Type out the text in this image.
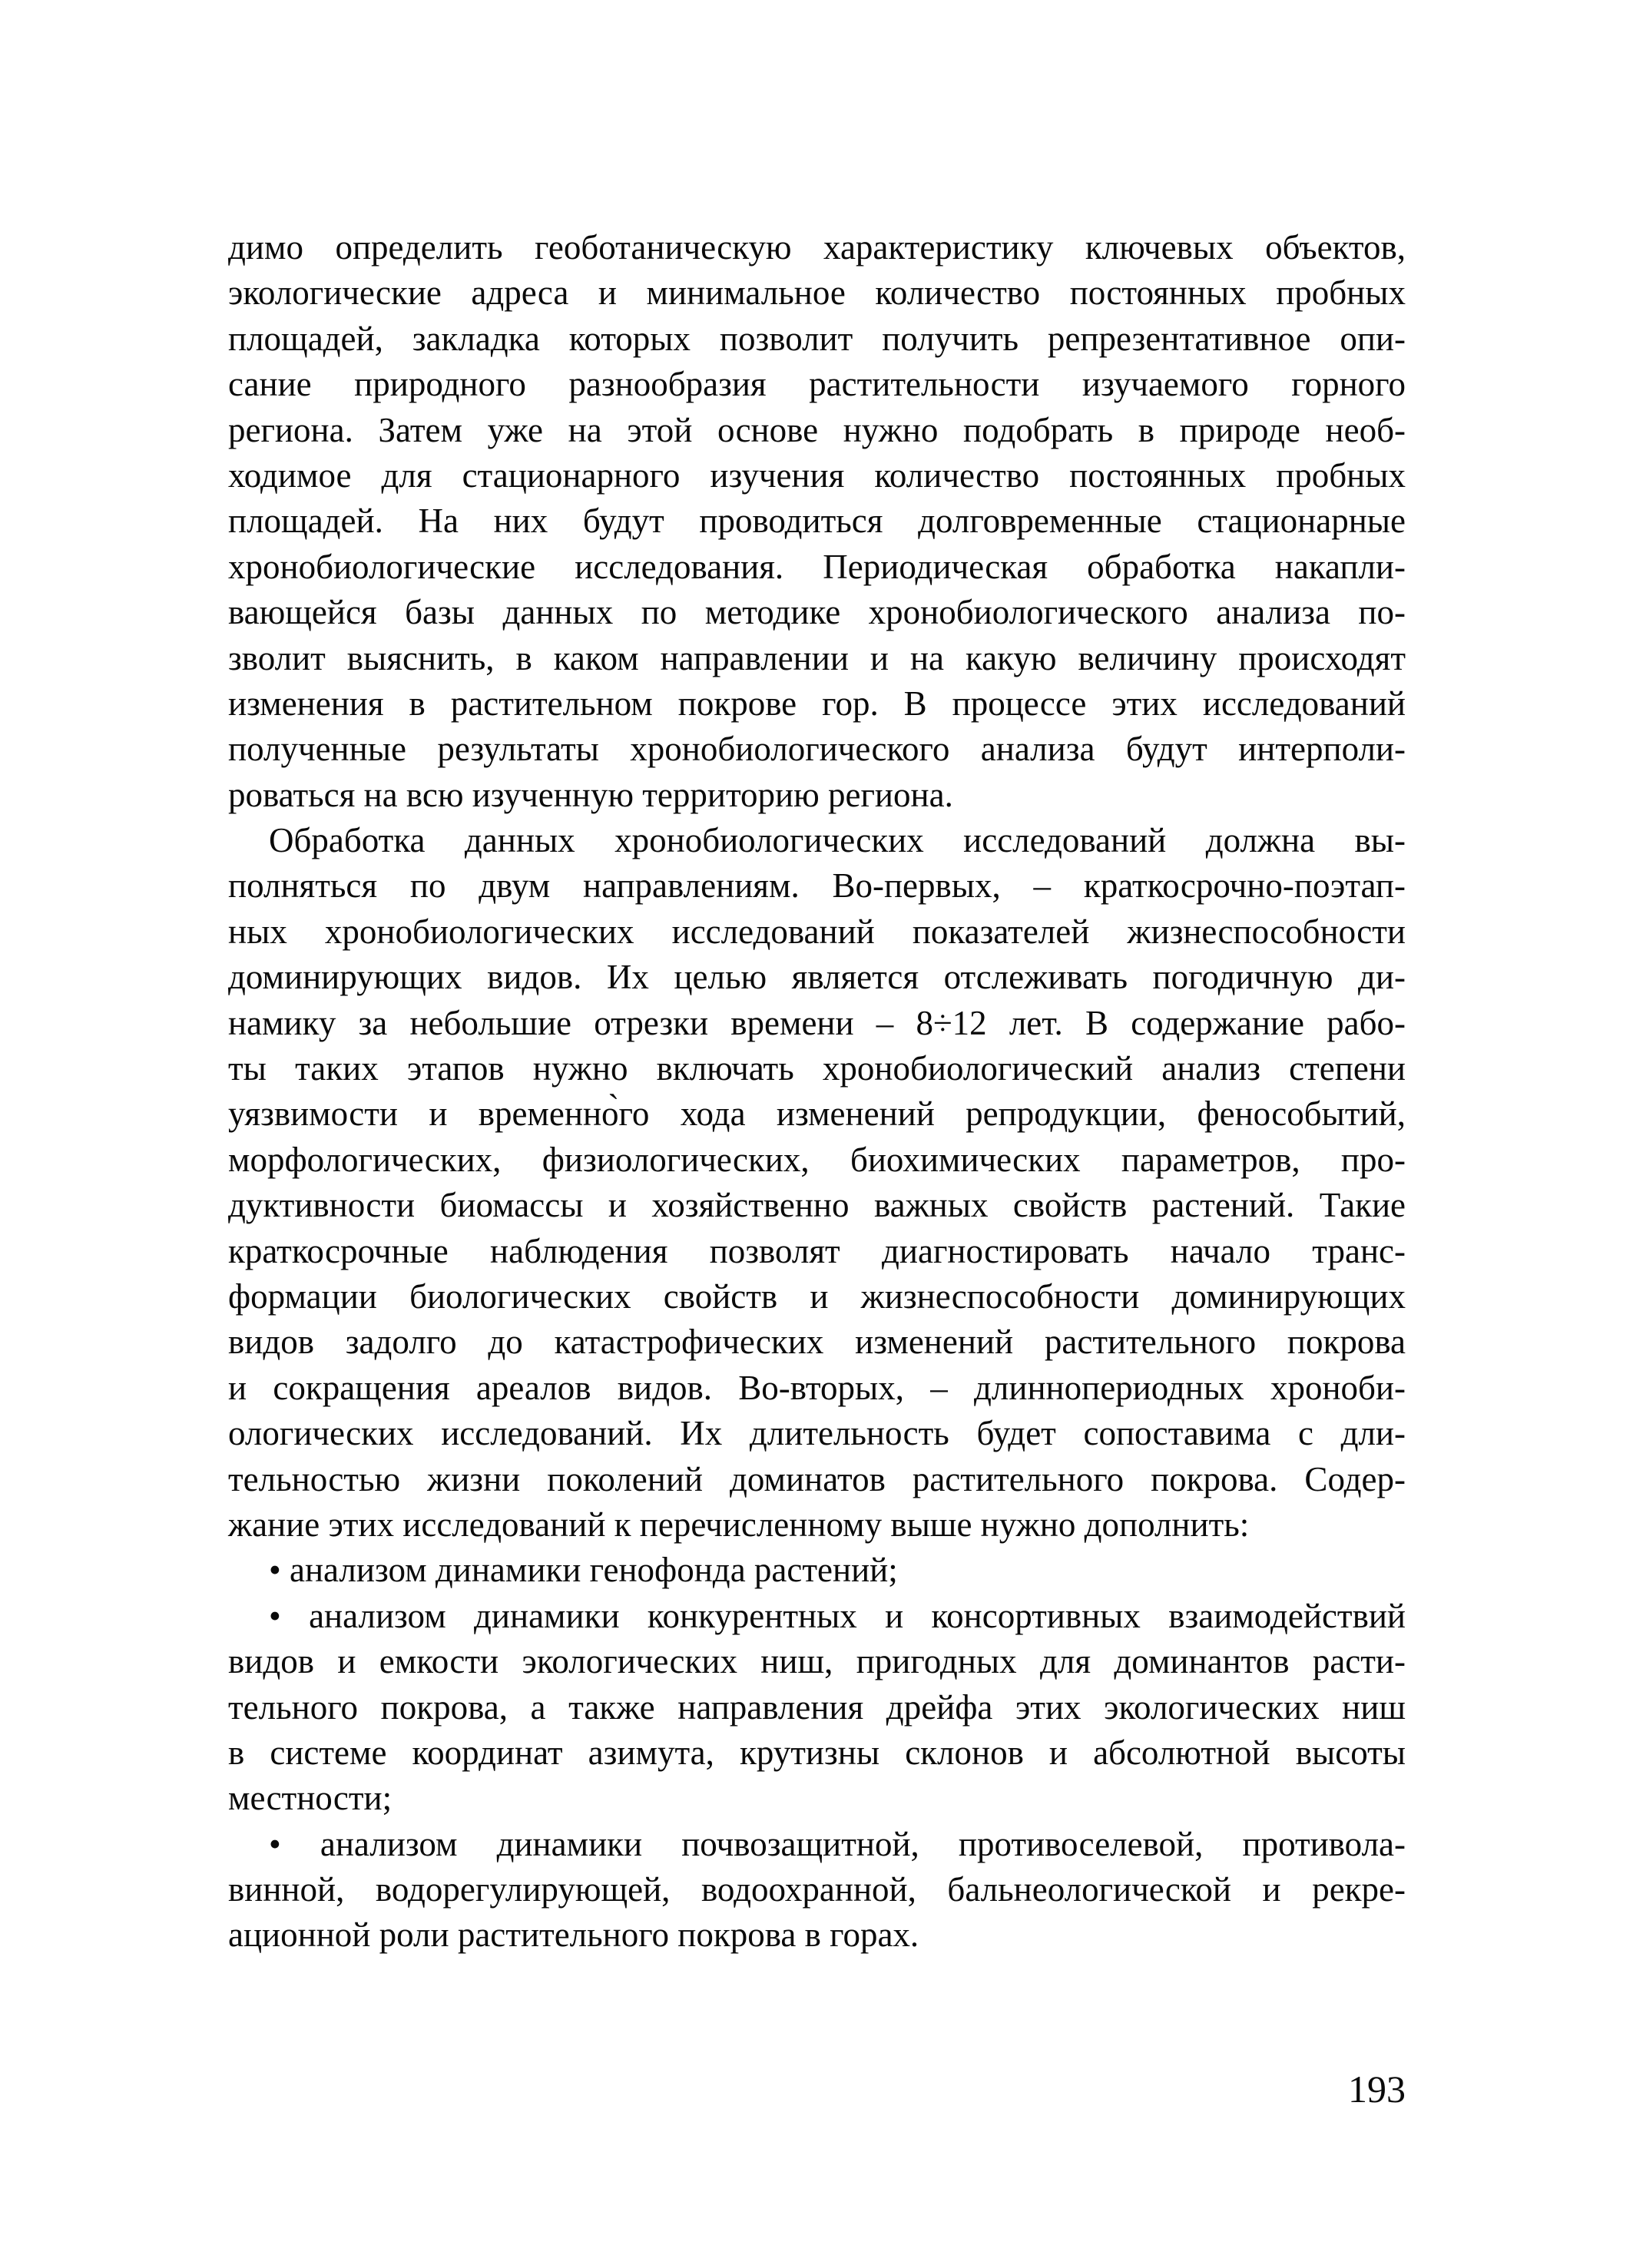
димо определить геоботаническую характеристику ключевых объектов,
экологические адреса и минимальное количество постоянных пробных
площадей, закладка которых позволит получить репрезентативное опи-
сание природного разнообразия растительности изучаемого горного
региона. Затем уже на этой основе нужно подобрать в природе необ-
ходимое для стационарного изучения количество постоянных пробных
площадей. На них будут проводиться долговременные стационарные
хронобиологические исследования. Периодическая обработка накапли-
вающейся базы данных по методике хронобиологического анализа по-
зволит выяснить, в каком направлении и на какую величину происходят
изменения в растительном покрове гор. В процессе этих исследований
полученные результаты хронобиологического анализа будут интерполи-
роваться на всю изученную территорию региона.
Обработка данных хронобиологических исследований должна вы-
полняться по двум направлениям. Во-первых, – краткосрочно-поэтап-
ных хронобиологических исследований показателей жизнеспособности
доминирующих видов. Их целью является отслеживать погодичную ди-
намику за небольшие отрезки времени – 8÷12 лет. В содержание рабо-
ты таких этапов нужно включать хронобиологический анализ степени
уязвимости и временно̀го хода изменений репродукции, фенособытий,
морфологических, физиологических, биохимических параметров, про-
дуктивности биомассы и хозяйственно важных свойств растений. Такие
краткосрочные наблюдения позволят диагностировать начало транс-
формации биологических свойств и жизнеспособности доминирующих
видов задолго до катастрофических изменений растительного покрова
и сокращения ареалов видов. Во-вторых, – длиннопериодных хроноби-
ологических исследований. Их длительность будет сопоставима с дли-
тельностью жизни поколений доминатов растительного покрова. Содер-
жание этих исследований к перечисленному выше нужно дополнить:
• анализом динамики генофонда растений;
• анализом динамики конкурентных и консортивных взаимодействий
видов и емкости экологических ниш, пригодных для доминантов расти-
тельного покрова, а также направления дрейфа этих экологических ниш
в системе координат азимута, крутизны склонов и абсолютной высоты
местности;
• анализом динамики почвозащитной, противоселевой, противола-
винной, водорегулирующей, водоохранной, бальнеологической и рекре-
ационной роли растительного покрова в горах.
193
